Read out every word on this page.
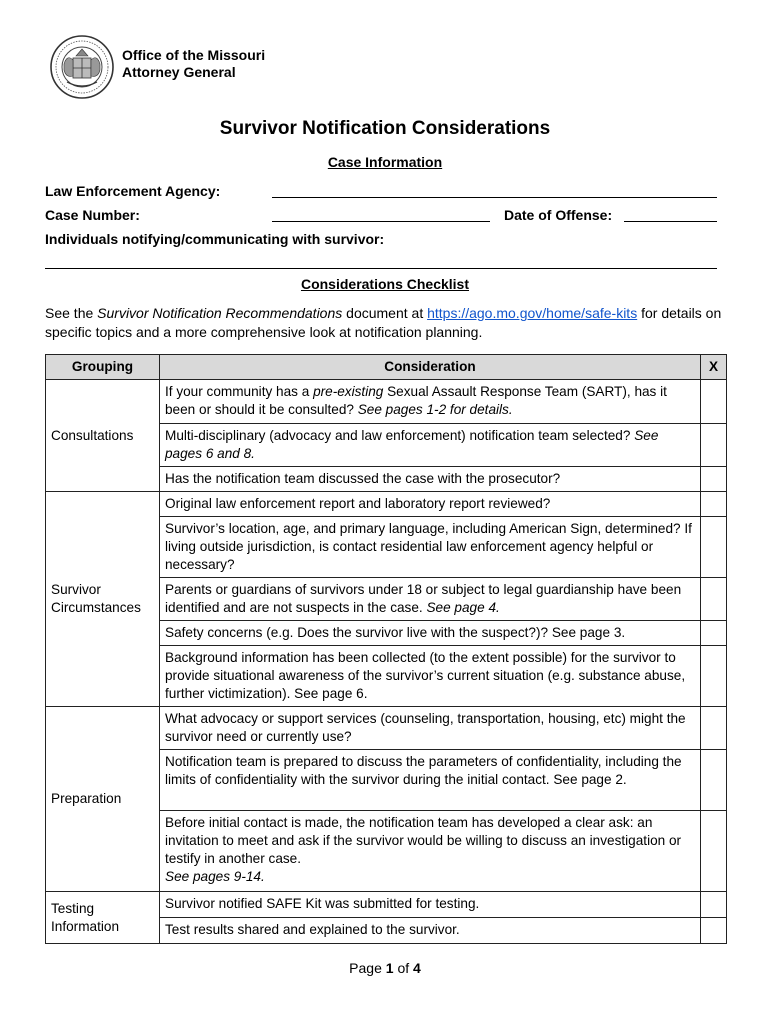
Office of the Missouri
Attorney General
Survivor Notification Considerations
Case Information
Law Enforcement Agency:
Case Number:	Date of Offense:
Individuals notifying/communicating with survivor:
Considerations Checklist
See the Survivor Notification Recommendations document at https://ago.mo.gov/home/safe-kits for details on specific topics and a more comprehensive look at notification planning.
Grouping	Consideration	X
Consultations	If your community has a pre-existing Sexual Assault Response Team (SART), has it been or should it be consulted? See pages 1-2 for details.	
	Multi-disciplinary (advocacy and law enforcement) notification team selected? See pages 6 and 8.	
	Has the notification team discussed the case with the prosecutor?	

Survivor
Circumstances	Original law enforcement report and laboratory report reviewed?	
	Survivor’s location, age, and primary language, including American Sign, determined? If living outside jurisdiction, is contact residential law enforcement agency helpful or necessary?	
	Parents or guardians of survivors under 18 or subject to legal guardianship have been identified and are not suspects in the case. See page 4.	
	Safety concerns (e.g. Does the survivor live with the suspect?)? See page 3.	
	Background information has been collected (to the extent possible) for the survivor to provide situational awareness of the survivor’s current situation (e.g. substance abuse, further victimization). See page 6.	
Preparation	What advocacy or support services (counseling, transportation, housing, etc) might the survivor need or currently use?	
	Notification team is prepared to discuss the parameters of confidentiality, including the limits of confidentiality with the survivor during the initial contact. See page 2.	

	Before initial contact is made, the notification team has developed a clear ask: an invitation to meet and ask if the survivor would be willing to discuss an investigation or testify in another case.
See pages 9-14.	

Testing
Information	Survivor notified SAFE Kit was submitted for testing.	
	Test results shared and explained to the survivor.	
Page 1 of 4
